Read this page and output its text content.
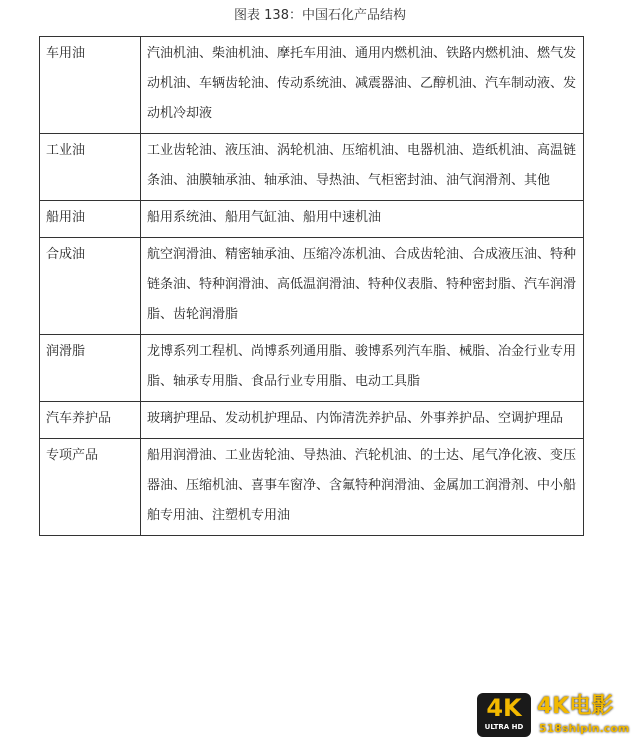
图表 138：中国石化产品结构
车用油	汽油机油、柴油机油、摩托车用油、通用内燃机油、铁路内燃机油、燃气发动机油、车辆齿轮油、传动系统油、减震器油、乙醇机油、汽车制动液、发动机冷却液
工业油	工业齿轮油、液压油、涡轮机油、压缩机油、电器机油、造纸机油、高温链条油、油膜轴承油、轴承油、导热油、气柜密封油、油气润滑剂、其他
船用油	船用系统油、船用气缸油、船用中速机油
合成油	航空润滑油、精密轴承油、压缩冷冻机油、合成齿轮油、合成液压油、特种链条油、特种润滑油、高低温润滑油、特种仪表脂、特种密封脂、汽车润滑脂、齿轮润滑脂
润滑脂	龙博系列工程机、尚博系列通用脂、骏博系列汽车脂、械脂、冶金行业专用脂、轴承专用脂、食品行业专用脂、电动工具脂
汽车养护品	玻璃护理品、发动机护理品、内饰清洗养护品、外事养护品、空调护理品
专项产品	船用润滑油、工业齿轮油、导热油、汽轮机油、的士达、尾气净化液、变压器油、压缩机油、喜事车窗净、含氟特种润滑油、金属加工润滑剂、中小船舶专用油、注塑机专用油
4K
ULTRA HD
4K电影
518shipin.com
